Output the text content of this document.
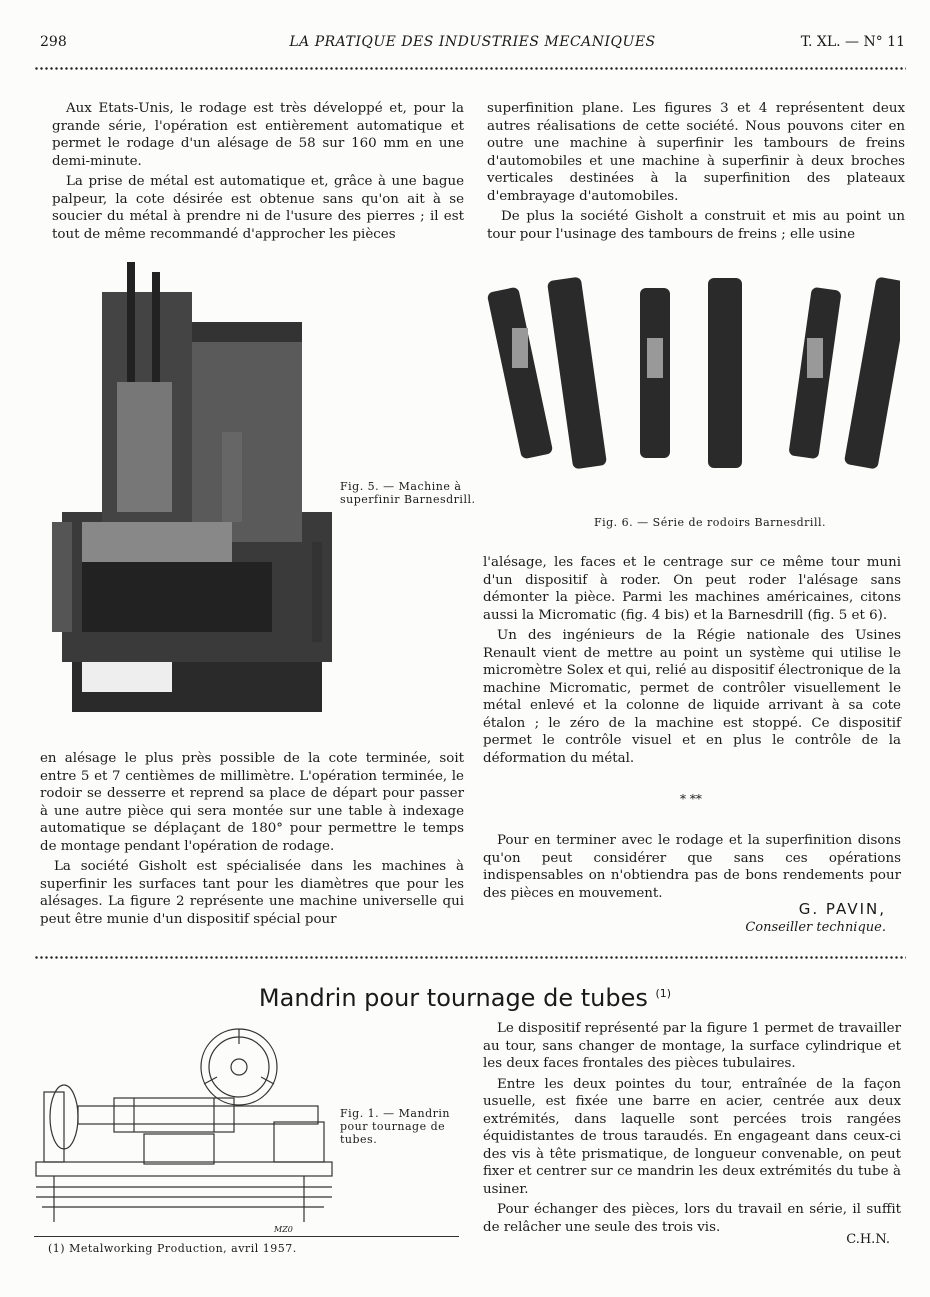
298	LA PRATIQUE DES INDUSTRIES MECANIQUES	T. XL. — N° 11

Aux Etats-Unis, le rodage est très développé et, pour la grande série, l'opération est entièrement automatique et permet le rodage d'un alésage de 58 sur 160 mm en une demi-minute.

La prise de métal est automatique et, grâce à une bague palpeur, la cote désirée est obtenue sans qu'on ait à se soucier du métal à prendre ni de l'usure des pierres ; il est tout de même recommandé d'approcher les pièces

superfinition plane. Les figures 3 et 4 représentent deux autres réalisations de cette société. Nous pouvons citer en outre une machine à superfinir les tambours de freins d'automobiles et une machine à superfinir à deux broches verticales destinées à la superfinition des plateaux d'embrayage d'automobiles.

De plus la société Gisholt a construit et mis au point un tour pour l'usinage des tambours de freins ; elle usine

Fig. 5. — Machine à superfinir Barnesdrill.
Fig. 6. — Série de rodoirs Barnesdrill.

en alésage le plus près possible de la cote terminée, soit entre 5 et 7 centièmes de millimètre. L'opération terminée, le rodoir se desserre et reprend sa place de départ pour passer à une autre pièce qui sera montée sur une table à indexage automatique se déplaçant de 180° pour permettre le temps de montage pendant l'opération de rodage.

La société Gisholt est spécialisée dans les machines à superfinir les surfaces tant pour les diamètres que pour les alésages. La figure 2 représente une machine universelle qui peut être munie d'un dispositif spécial pour

l'alésage, les faces et le centrage sur ce même tour muni d'un dispositif à roder. On peut roder l'alésage sans démonter la pièce. Parmi les machines américaines, citons aussi la Micromatic (fig. 4 bis) et la Barnesdrill (fig. 5 et 6).

Un des ingénieurs de la Régie nationale des Usines Renault vient de mettre au point un système qui utilise le micromètre Solex et qui, relié au dispositif électronique de la machine Micromatic, permet de contrôler visuellement le métal enlevé et la colonne de liquide arrivant à sa cote étalon ; le zéro de la machine est stoppé. Ce dispositif permet le contrôle visuel et en plus le contrôle de la déformation du métal.

* **

Pour en terminer avec le rodage et la superfinition disons qu'on peut considérer que sans ces opérations indispensables on n'obtiendra pas de bons rendements pour des pièces en mouvement.

G. PAVIN,
Conseiller technique.
Mandrin pour tournage de tubes $^{(1)}$
MZ0
Fig. 1. — Mandrin pour tournage de tubes.

Le dispositif représenté par la figure 1 permet de travailler au tour, sans changer de montage, la surface cylindrique et les deux faces frontales des pièces tubulaires.

Entre les deux pointes du tour, entraînée de la façon usuelle, est fixée une barre en acier, centrée aux deux extrémités, dans laquelle sont percées trois rangées équidistantes de trous taraudés. En engageant dans ceux-ci des vis à tête prismatique, de longueur convenable, on peut fixer et centrer sur ce mandrin les deux extrémités du tube à usiner.

Pour échanger des pièces, lors du travail en série, il suffit de relâcher une seule des trois vis.

C.H.N.
(1) Metalworking Production, avril 1957.
